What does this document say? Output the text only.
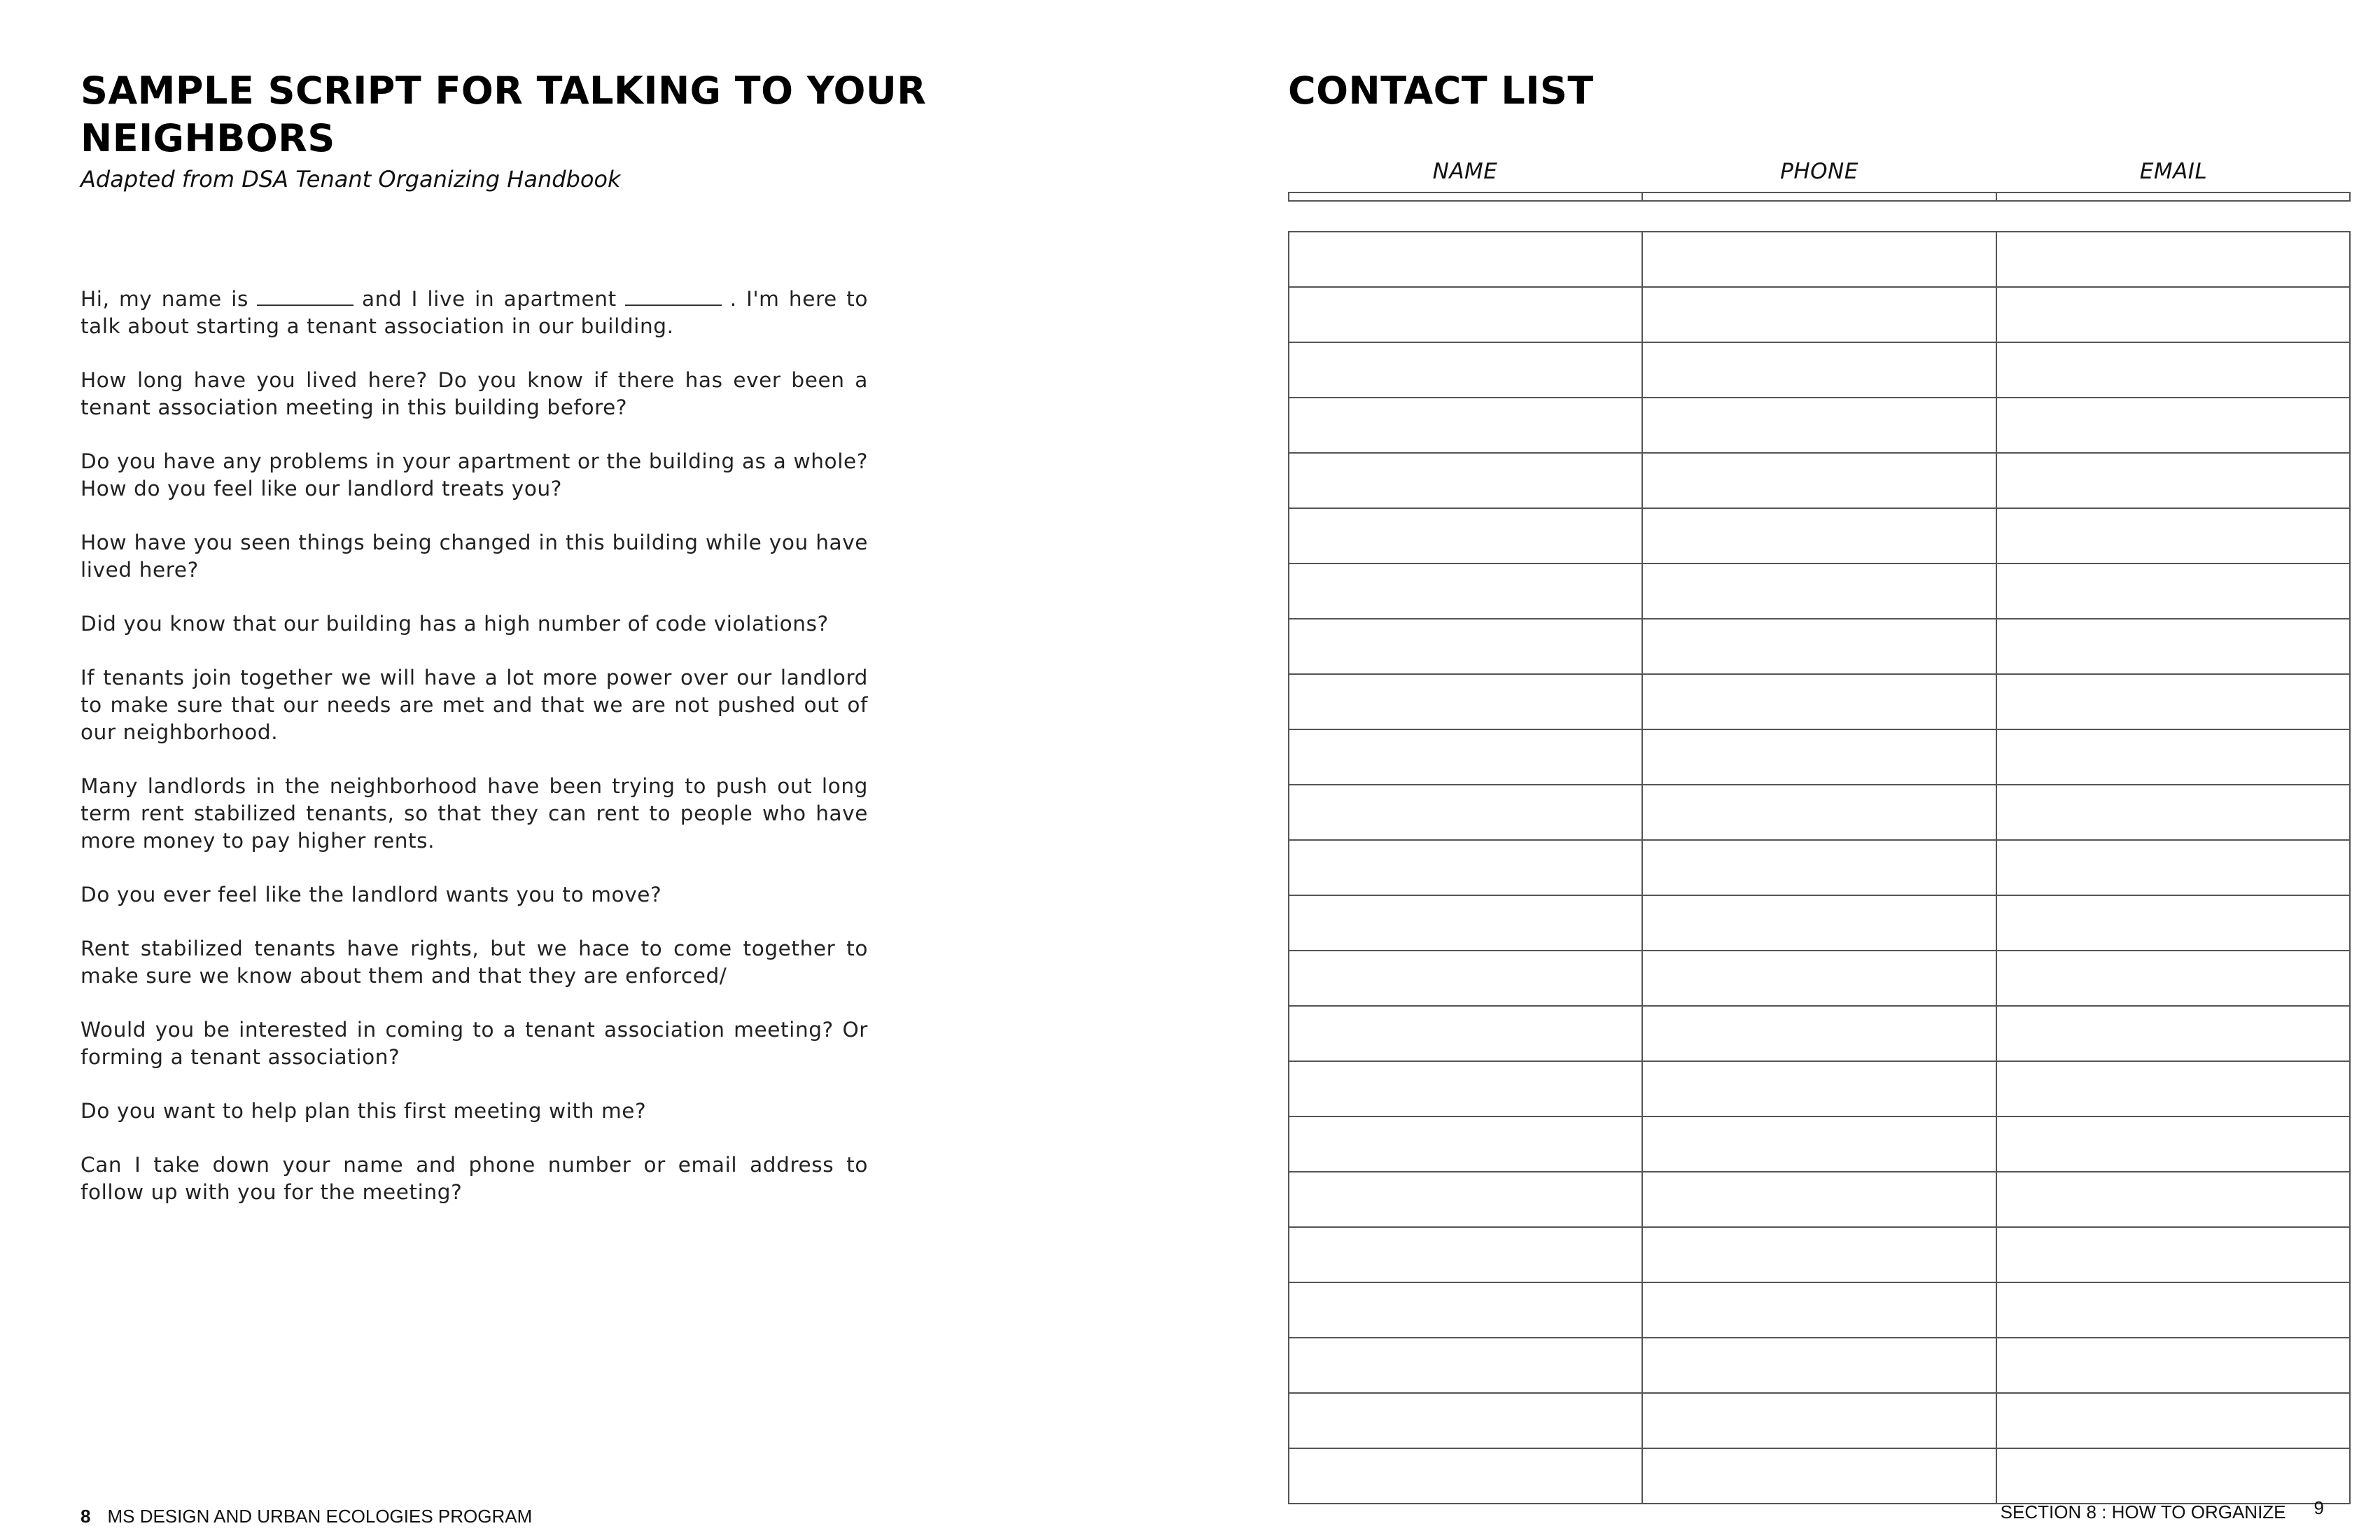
SAMPLE SCRIPT FOR TALKING TO YOUR NEIGHBORS

Adapted from DSA Tenant Organizing Handbook

Hi, my name is	and I live in apartment	. I'm here to talk about starting a tenant association in our building.

How long have you lived here? Do you know if there has ever been a tenant association meeting in this building before?

Do you have any problems in your apartment or the building as a whole? How do you feel like our landlord treats you?

How have you seen things being changed in this building while you have lived here?

Did you know that our building has a high number of code violations?

If tenants join together we will have a lot more power over our landlord to make sure that our needs are met and that we are not pushed out of our neighborhood.

Many landlords in the neighborhood have been trying to push out long term rent stabilized tenants, so that they can rent to people who have more money to pay higher rents.

Do you ever feel like the landlord wants you to move?

Rent stabilized tenants have rights, but we hace to come together to make sure we know about them and that they are enforced/

Would you be interested in coming to a tenant association meeting? Or forming a tenant association?

Do you want to help plan this first meeting with me?

Can I take down your name and phone number or email address to follow up with you for the meeting?

8 MS DESIGN AND URBAN ECOLOGIES PROGRAM
CONTACT LIST
NAME	PHONE	EMAIL

SECTION 8 : HOW TO ORGANIZE 9
